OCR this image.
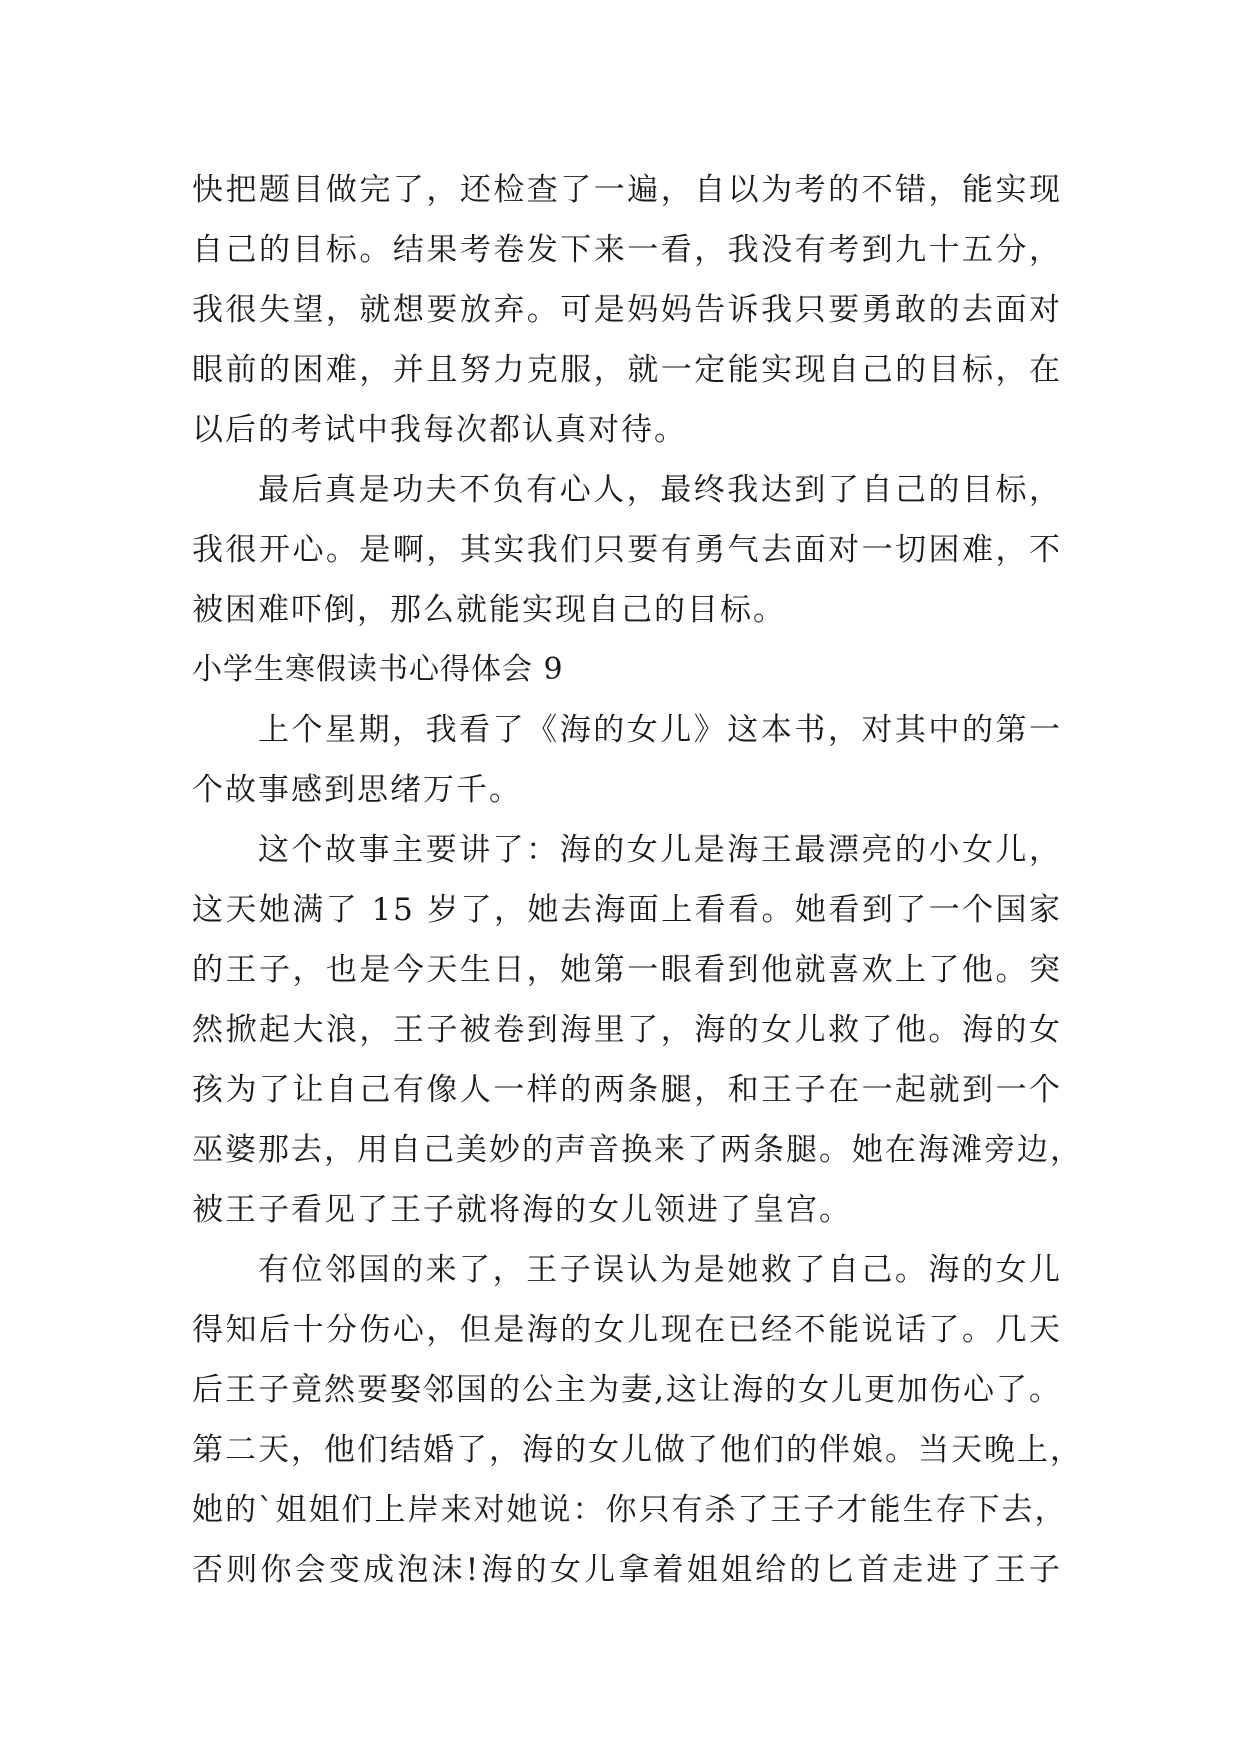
快把题目做完了，还检查了一遍，自以为考的不错，能实现
自己的目标。结果考卷发下来一看，我没有考到九十五分，
我很失望，就想要放弃。可是妈妈告诉我只要勇敢的去面对
眼前的困难，并且努力克服，就一定能实现自己的目标，在
以后的考试中我每次都认真对待。
最后真是功夫不负有心人，最终我达到了自己的目标，
我很开心。是啊，其实我们只要有勇气去面对一切困难，不
被困难吓倒，那么就能实现自己的目标。
小学生寒假读书心得体会 9
上个星期，我看了《海的女儿》这本书，对其中的第一
个故事感到思绪万千。
这个故事主要讲了：海的女儿是海王最漂亮的小女儿，
这天她满了 15 岁了，她去海面上看看。她看到了一个国家
的王子，也是今天生日，她第一眼看到他就喜欢上了他。突
然掀起大浪，王子被卷到海里了，海的女儿救了他。海的女
孩为了让自己有像人一样的两条腿，和王子在一起就到一个
巫婆那去，用自己美妙的声音换来了两条腿。她在海滩旁边，
被王子看见了王子就将海的女儿领进了皇宫。
有位邻国的来了，王子误认为是她救了自己。海的女儿
得知后十分伤心，但是海的女儿现在已经不能说话了。几天
后王子竟然要娶邻国的公主为妻,这让海的女儿更加伤心了。
第二天，他们结婚了，海的女儿做了他们的伴娘。当天晚上，
她的`姐姐们上岸来对她说：你只有杀了王子才能生存下去，
否则你会变成泡沫!海的女儿拿着姐姐给的匕首走进了王子
